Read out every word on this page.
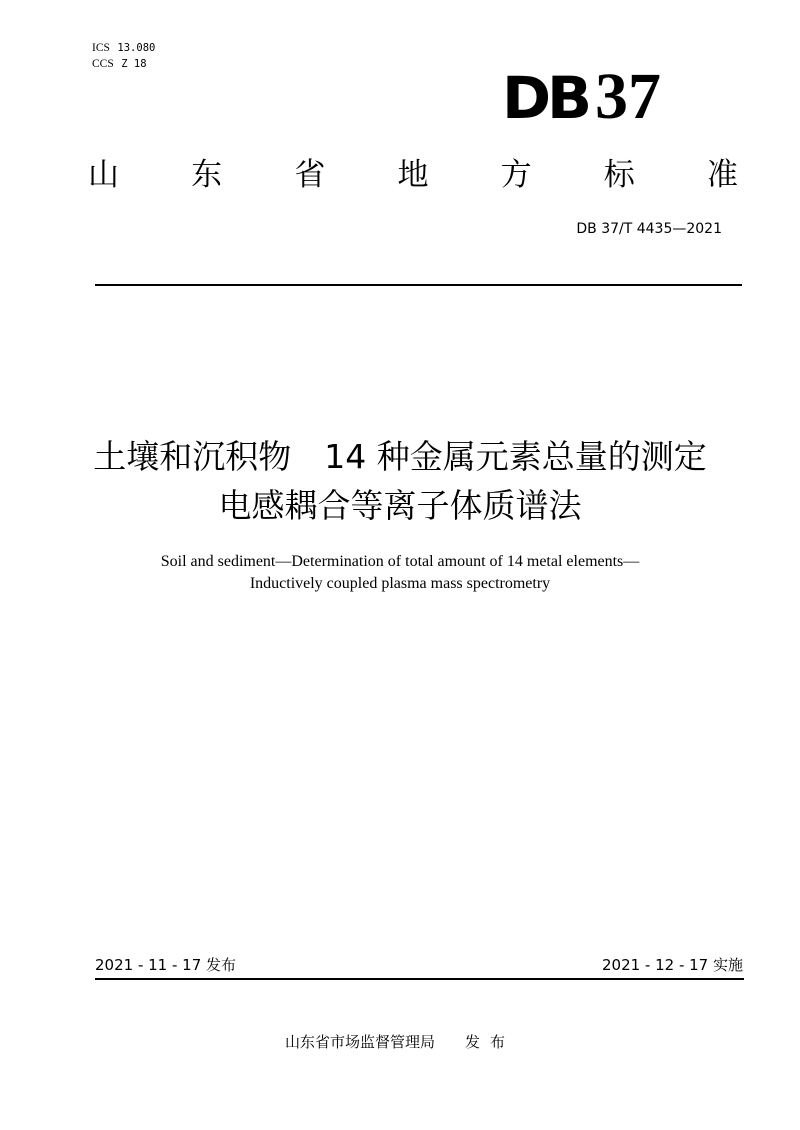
ICS 13.080
CCS Z 18	DB 37
山 东 省 地 方 标 准
DB 37/T 4435—2021
土壤和沉积物　14 种金属元素总量的测定
电感耦合等离子体质谱法
Soil and sediment—Determination of total amount of 14 metal elements—
Inductively coupled plasma mass spectrometry
2021 - 11 - 17 发布	2021 - 12 - 17 实施
山东省市场监督管理局 发布
